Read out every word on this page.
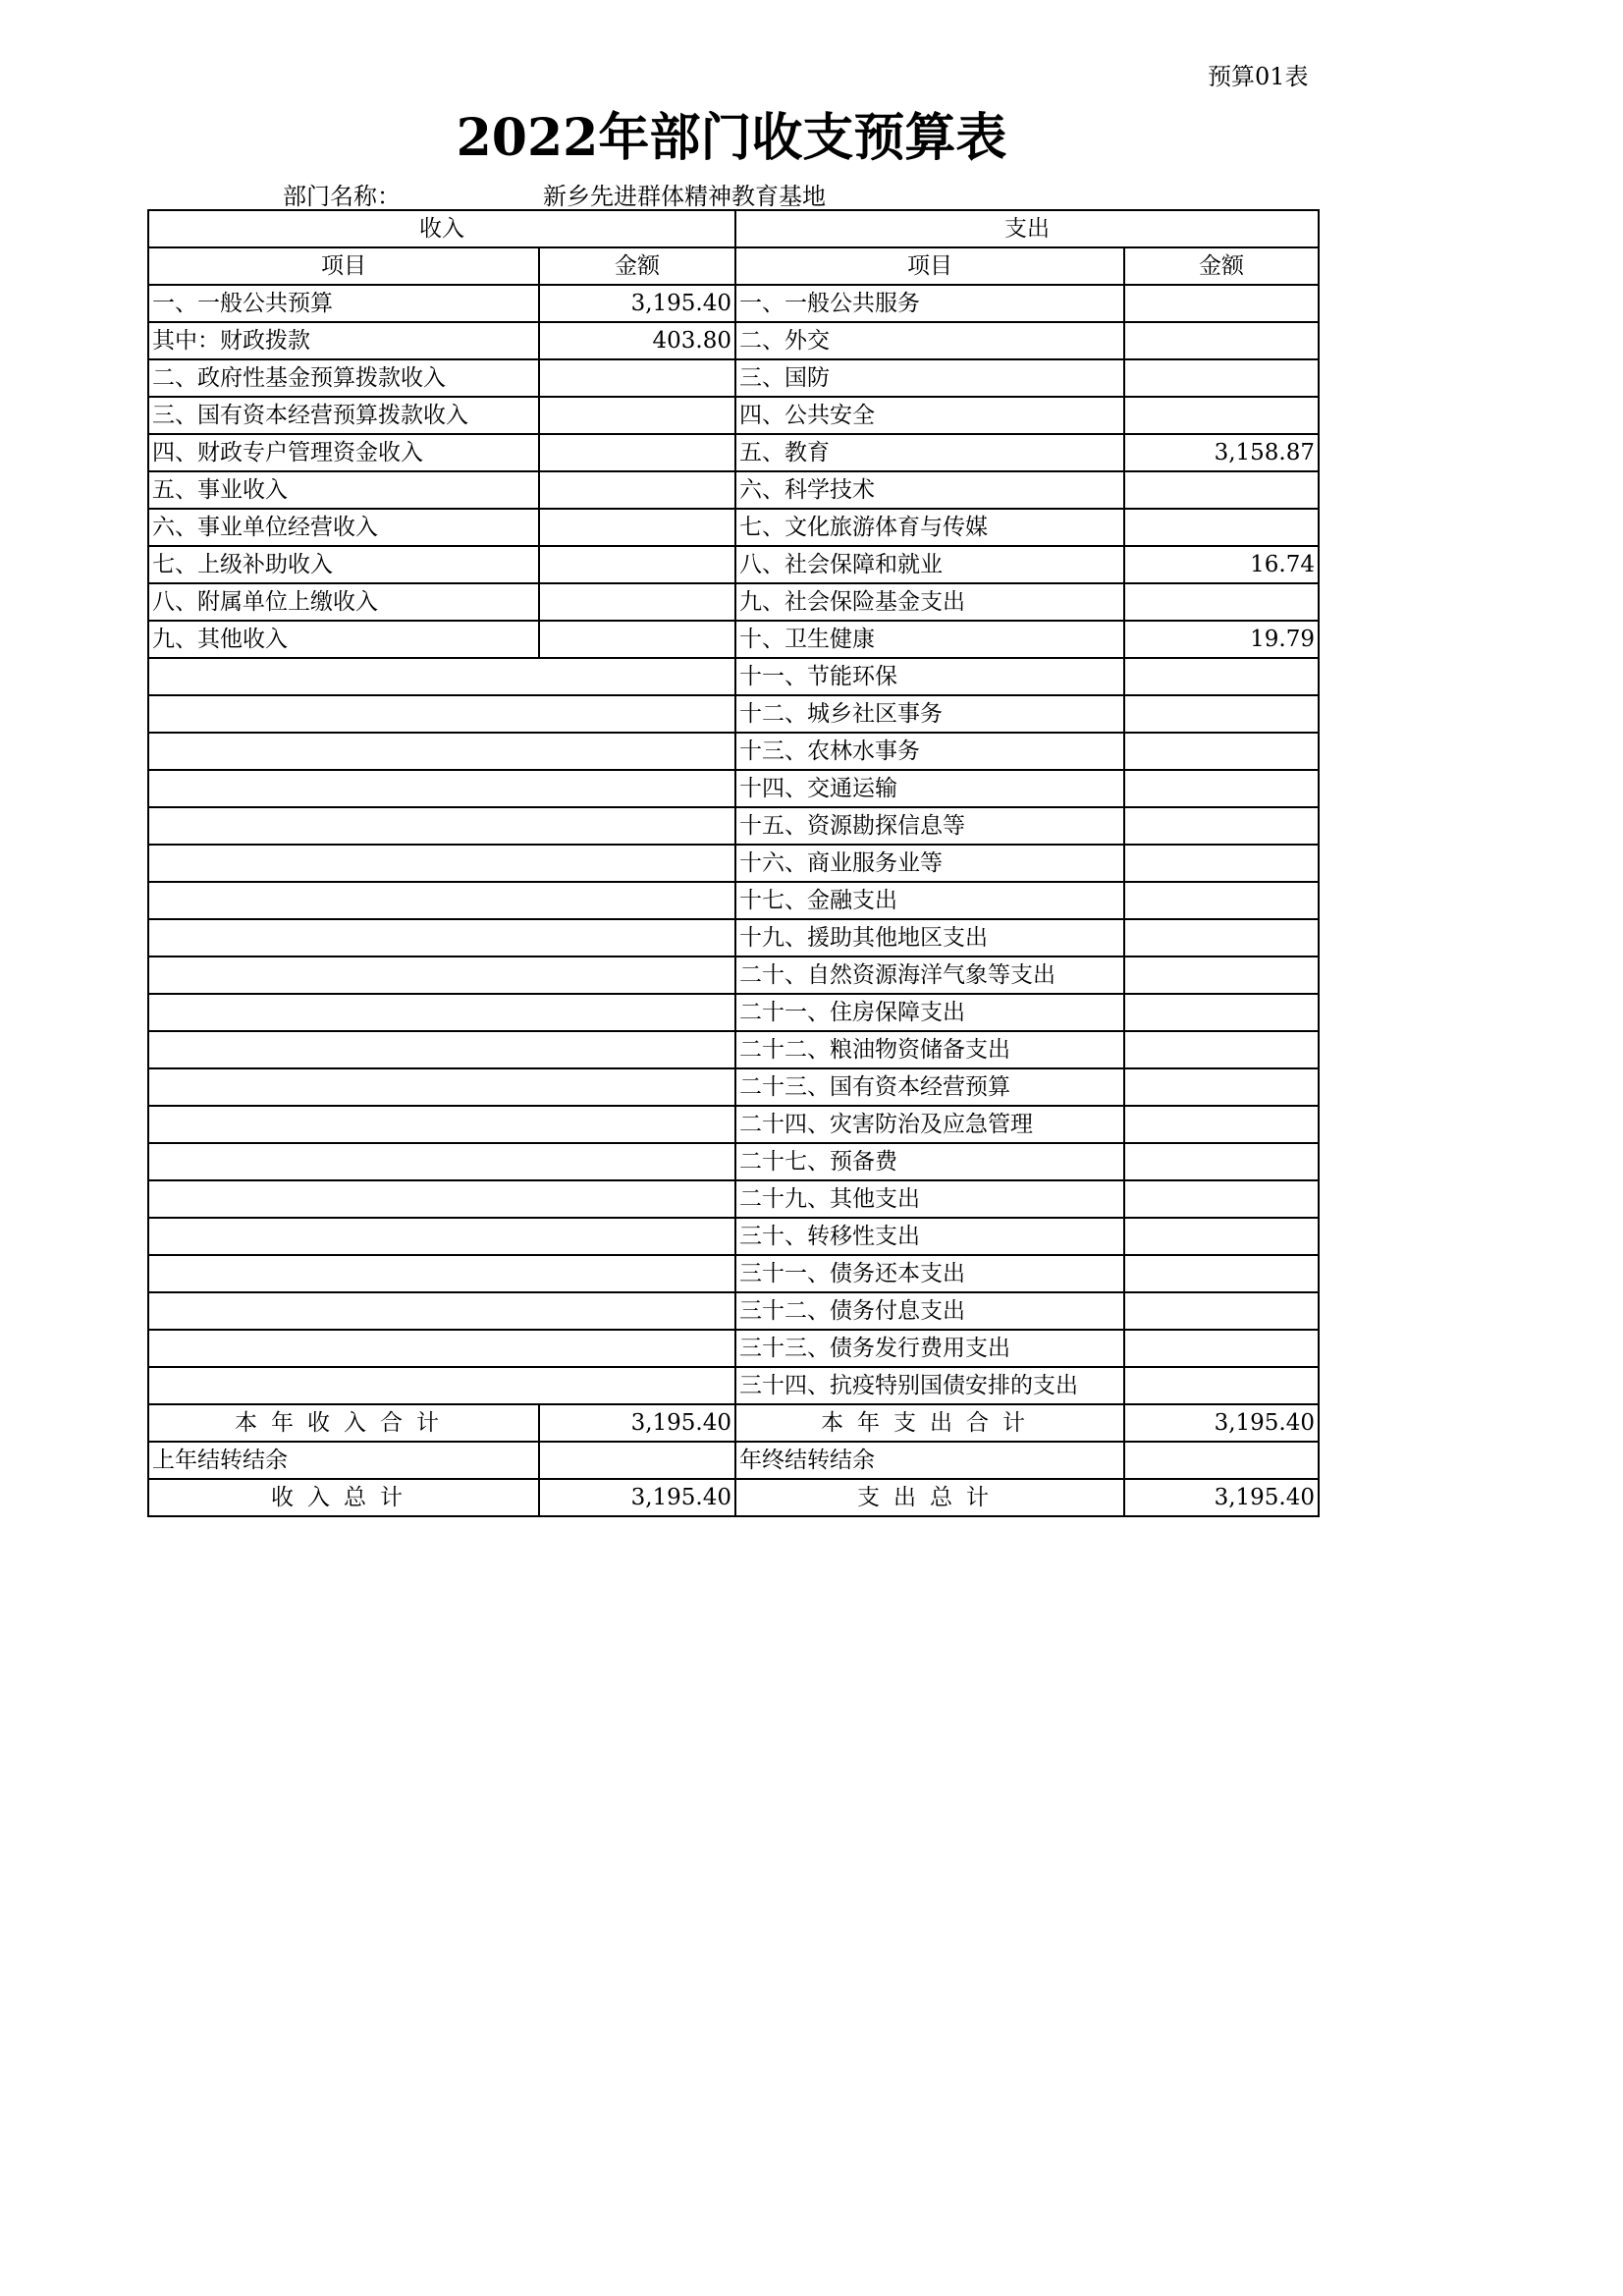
预算01表
2022年部门收支预算表
部门名称：	新乡先进群体精神教育基地
收入		支出	
项目	金额	项目	金额
一、一般公共预算	3,195.40	一、一般公共服务	
其中：财政拨款	403.80	二、外交	
二、政府性基金预算拨款收入		三、国防	
三、国有资本经营预算拨款收入		四、公共安全	
四、财政专户管理资金收入		五、教育	3,158.87
五、事业收入		六、科学技术	
六、事业单位经营收入		七、文化旅游体育与传媒	
七、上级补助收入		八、社会保障和就业	16.74
八、附属单位上缴收入		九、社会保险基金支出	
九、其他收入		十、卫生健康	19.79
		十一、节能环保	
		十二、城乡社区事务	
		十三、农林水事务	
		十四、交通运输	
		十五、资源勘探信息等	
		十六、商业服务业等	
		十七、金融支出	
		十九、援助其他地区支出	
		二十、自然资源海洋气象等支出	
		二十一、住房保障支出	
		二十二、粮油物资储备支出	
		二十三、国有资本经营预算	
		二十四、灾害防治及应急管理	
		二十七、预备费	
		二十九、其他支出	
		三十、转移性支出	
		三十一、债务还本支出	
		三十二、债务付息支出	
		三十三、债务发行费用支出	
		三十四、抗疫特别国债安排的支出	
本年收入合计	3,195.40	本年支出合计	3,195.40
上年结转结余		年终结转结余	
收入总计	3,195.40	支出总计	3,195.40
